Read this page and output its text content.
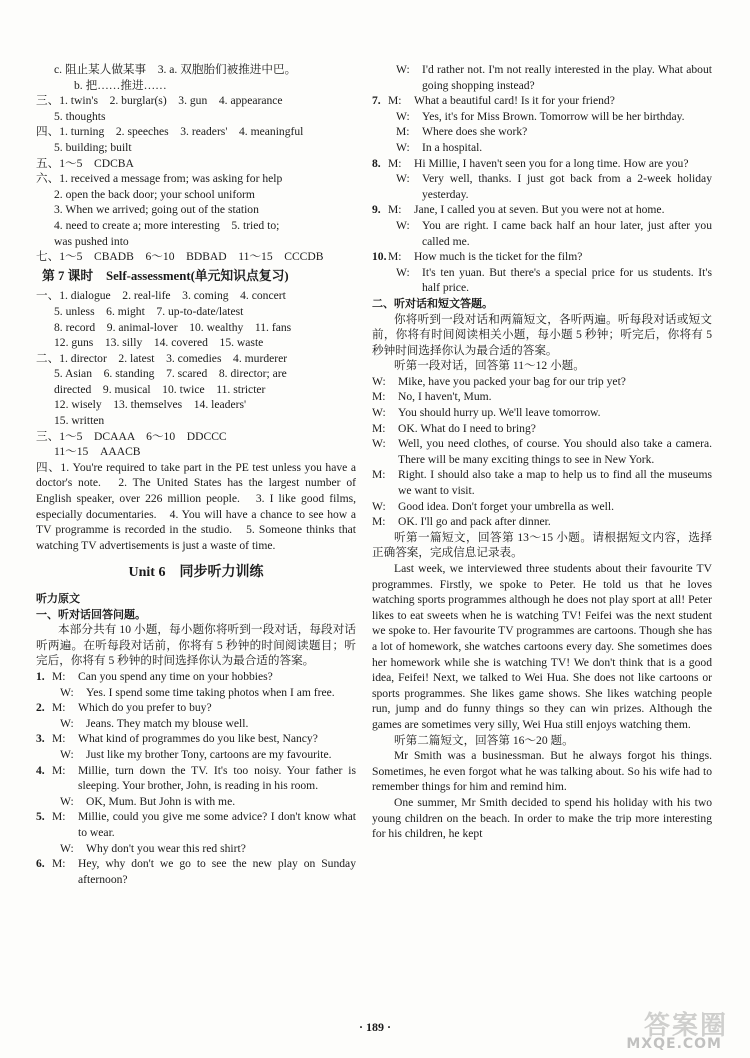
c. 阻止某人做某事　3. a. 双胞胎们被推进中巴。
b. 把……推进……
三、1. twin's　2. burglar(s)　3. gun　4. appearance
5. thoughts
四、1. turning　2. speeches　3. readers'　4. meaningful
5. building; built
五、1～5　CDCBA
六、1. received a message from; was asking for help
2. open the back door; your school uniform
3. When we arrived; going out of the station
4. need to create a; more interesting　5. tried to;
was pushed into
七、1～5　CBADB　6～10　BDBAD　11～15　CCCDB
第 7 课时　Self-assessment(单元知识点复习)
一、1. dialogue　2. real-life　3. coming　4. concert
5. unless　6. might　7. up-to-date/latest
8. record　9. animal-lover　10. wealthy　11. fans
12. guns　13. silly　14. covered　15. waste
二、1. director　2. latest　3. comedies　4. murderer
5. Asian　6. standing　7. scared　8. director; are
directed　9. musical　10. twice　11. stricter
12. wisely　13. themselves　14. leaders'
15. written
三、1～5　DCAAA　6～10　DDCCC
11～15　AAACB
四、1. You're required to take part in the PE test unless you have a doctor's note.　2. The United States has the largest number of English speaker, over 226 million people.　3. I like good films, especially documentaries.　4. You will have a chance to see how a TV programme is recorded in the studio.　5. Someone thinks that watching TV advertisements is just a waste of time.
Unit 6　同步听力训练
听力原文
一、听对话回答问题。
本部分共有 10 小题，每小题你将听到一段对话，每段对话听两遍。在听每段对话前，你将有 5 秒钟的时间阅读题目；听完后，你将有 5 秒钟的时间选择你认为最合适的答案。
1. M:	Can you spend any time on your hobbies?
W:	Yes. I spend some time taking photos when I am free.
2. M:	Which do you prefer to buy?
W:	Jeans. They match my blouse well.
3. M:	What kind of programmes do you like best, Nancy?
W:	Just like my brother Tony, cartoons are my favourite.
4. M:	Millie, turn down the TV. It's too noisy. Your father is sleeping. Your brother, John, is reading in his room.
W:	OK, Mum. But John is with me.
5. M:	Millie, could you give me some advice? I don't know what to wear.
W:	Why don't you wear this red shirt?
6. M:	Hey, why don't we go to see the new play on Sunday afternoon?
W:	I'd rather not. I'm not really interested in the play. What about going shopping instead?
7. M:	What a beautiful card! Is it for your friend?
W:	Yes, it's for Miss Brown. Tomorrow will be her birthday.
M:	Where does she work?
W:	In a hospital.
8. M:	Hi Millie, I haven't seen you for a long time. How are you?
W:	Very well, thanks. I just got back from a 2-week holiday yesterday.
9. M:	Jane, I called you at seven. But you were not at home.
W:	You are right. I came back half an hour later, just after you called me.
10. M:	How much is the ticket for the film?
W:	It's ten yuan. But there's a special price for us students. It's half price.
二、听对话和短文答题。
你将听到一段对话和两篇短文，各听两遍。听每段对话或短文前，你将有时间阅读相关小题，每小题 5 秒钟；听完后，你将有 5 秒钟时间选择你认为最合适的答案。
听第一段对话，回答第 11～12 小题。
W:	Mike, have you packed your bag for our trip yet?
M:	No, I haven't, Mum.
W:	You should hurry up. We'll leave tomorrow.
M:	OK. What do I need to bring?
W:	Well, you need clothes, of course. You should also take a camera. There will be many exciting things to see in New York.
M:	Right. I should also take a map to help us to find all the museums we want to visit.
W:	Good idea. Don't forget your umbrella as well.
M:	OK. I'll go and pack after dinner.
听第一篇短文，回答第 13～15 小题。请根据短文内容，选择正确答案，完成信息记录表。
Last week, we interviewed three students about their favourite TV programmes. Firstly, we spoke to Peter. He told us that he loves watching sports programmes although he does not play sport at all! Peter likes to eat sweets when he is watching TV! Feifei was the next student we spoke to. Her favourite TV programmes are cartoons. Though she has a lot of homework, she watches cartoons every day. She sometimes does her homework while she is watching TV! We don't think that is a good idea, Feifei! Next, we talked to Wei Hua. She does not like cartoons or sports programmes. She likes game shows. She likes watching people run, jump and do funny things so they can win prizes. Although the games are sometimes very silly, Wei Hua still enjoys watching them.
听第二篇短文，回答第 16～20 题。
Mr Smith was a businessman. But he always forgot his things. Sometimes, he even forgot what he was talking about. So his wife had to remember things for him and remind him.
One summer, Mr Smith decided to spend his holiday with his two young children on the beach. In order to make the trip more interesting for his children, he kept
· 189 ·	答案圈
MXQE.COM
